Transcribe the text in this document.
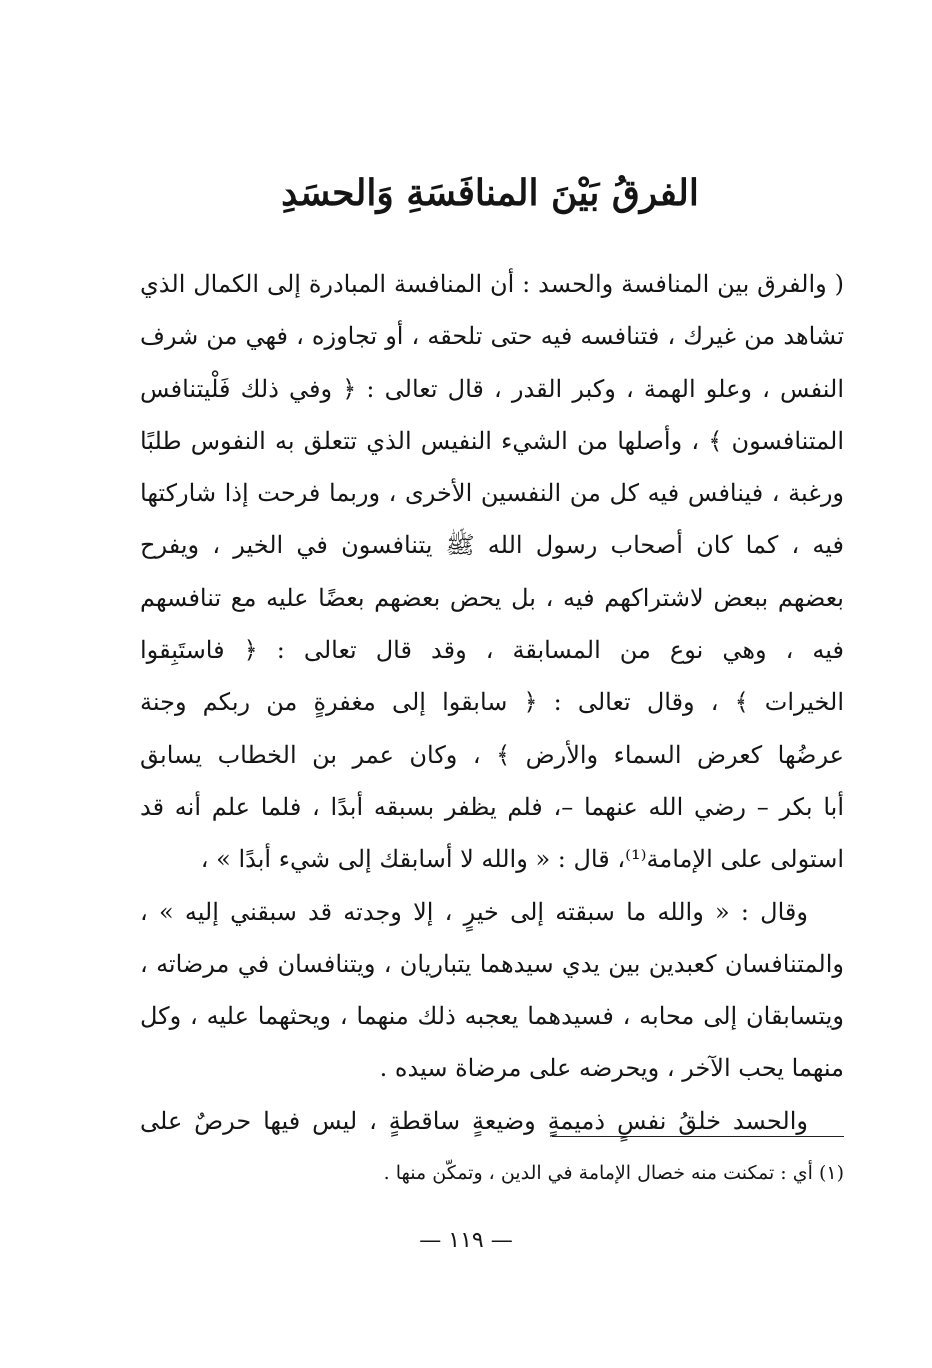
الفرقُ بَيْنَ المنافَسَةِ وَالحسَدِ
( والفرق بين المنافسة والحسد : أن المنافسة المبادرة إلى الكمال الذي
تشاهد من غيرك ، فتنافسه فيه حتى تلحقه ، أو تجاوزه ، فهي من شرف
النفس ، وعلو الهمة ، وكبر القدر ، قال تعالى : ﴿ وفي ذلك فَلْيتنافس
المتنافسون ﴾ ، وأصلها من الشيء النفيس الذي تتعلق به النفوس طلبًا
ورغبة ، فينافس فيه كل من النفسين الأخرى ، وربما فرحت إذا شاركتها
فيه ، كما كان أصحاب رسول الله ﷺ يتنافسون في الخير ، ويفرح
بعضهم ببعض لاشتراكهم فيه ، بل يحض بعضهم بعضًا عليه مع تنافسهم
فيه ، وهي نوع من المسابقة ، وقد قال تعالى : ﴿ فاستَبِقوا
الخيرات ﴾ ، وقال تعالى : ﴿ سابقوا إلى مغفرةٍ من ربكم وجنة
عرضُها كعرض السماء والأرض ﴾ ، وكان عمر بن الخطاب يسابق
أبا بكر – رضي الله عنهما –، فلم يظفر بسبقه أبدًا ، فلما علم أنه قد
استولى على الإمامة⁽¹⁾، قال : « والله لا أسابقك إلى شيء أبدًا » ،
وقال : « والله ما سبقته إلى خيرٍ ، إلا وجدته قد سبقني إليه » ،
والمتنافسان كعبدين بين يدي سيدهما يتباريان ، ويتنافسان في مرضاته ،
ويتسابقان إلى محابه ، فسيدهما يعجبه ذلك منهما ، ويحثهما عليه ، وكل
منهما يحب الآخر ، ويحرضه على مرضاة سيده .
والحسد خلقُ نفسٍ ذميمةٍ وضيعةٍ ساقطةٍ ، ليس فيها حرصٌ على
(١) أي : تمكنت منه خصال الإمامة في الدين ، وتمكّن منها .
— ١١٩ —
